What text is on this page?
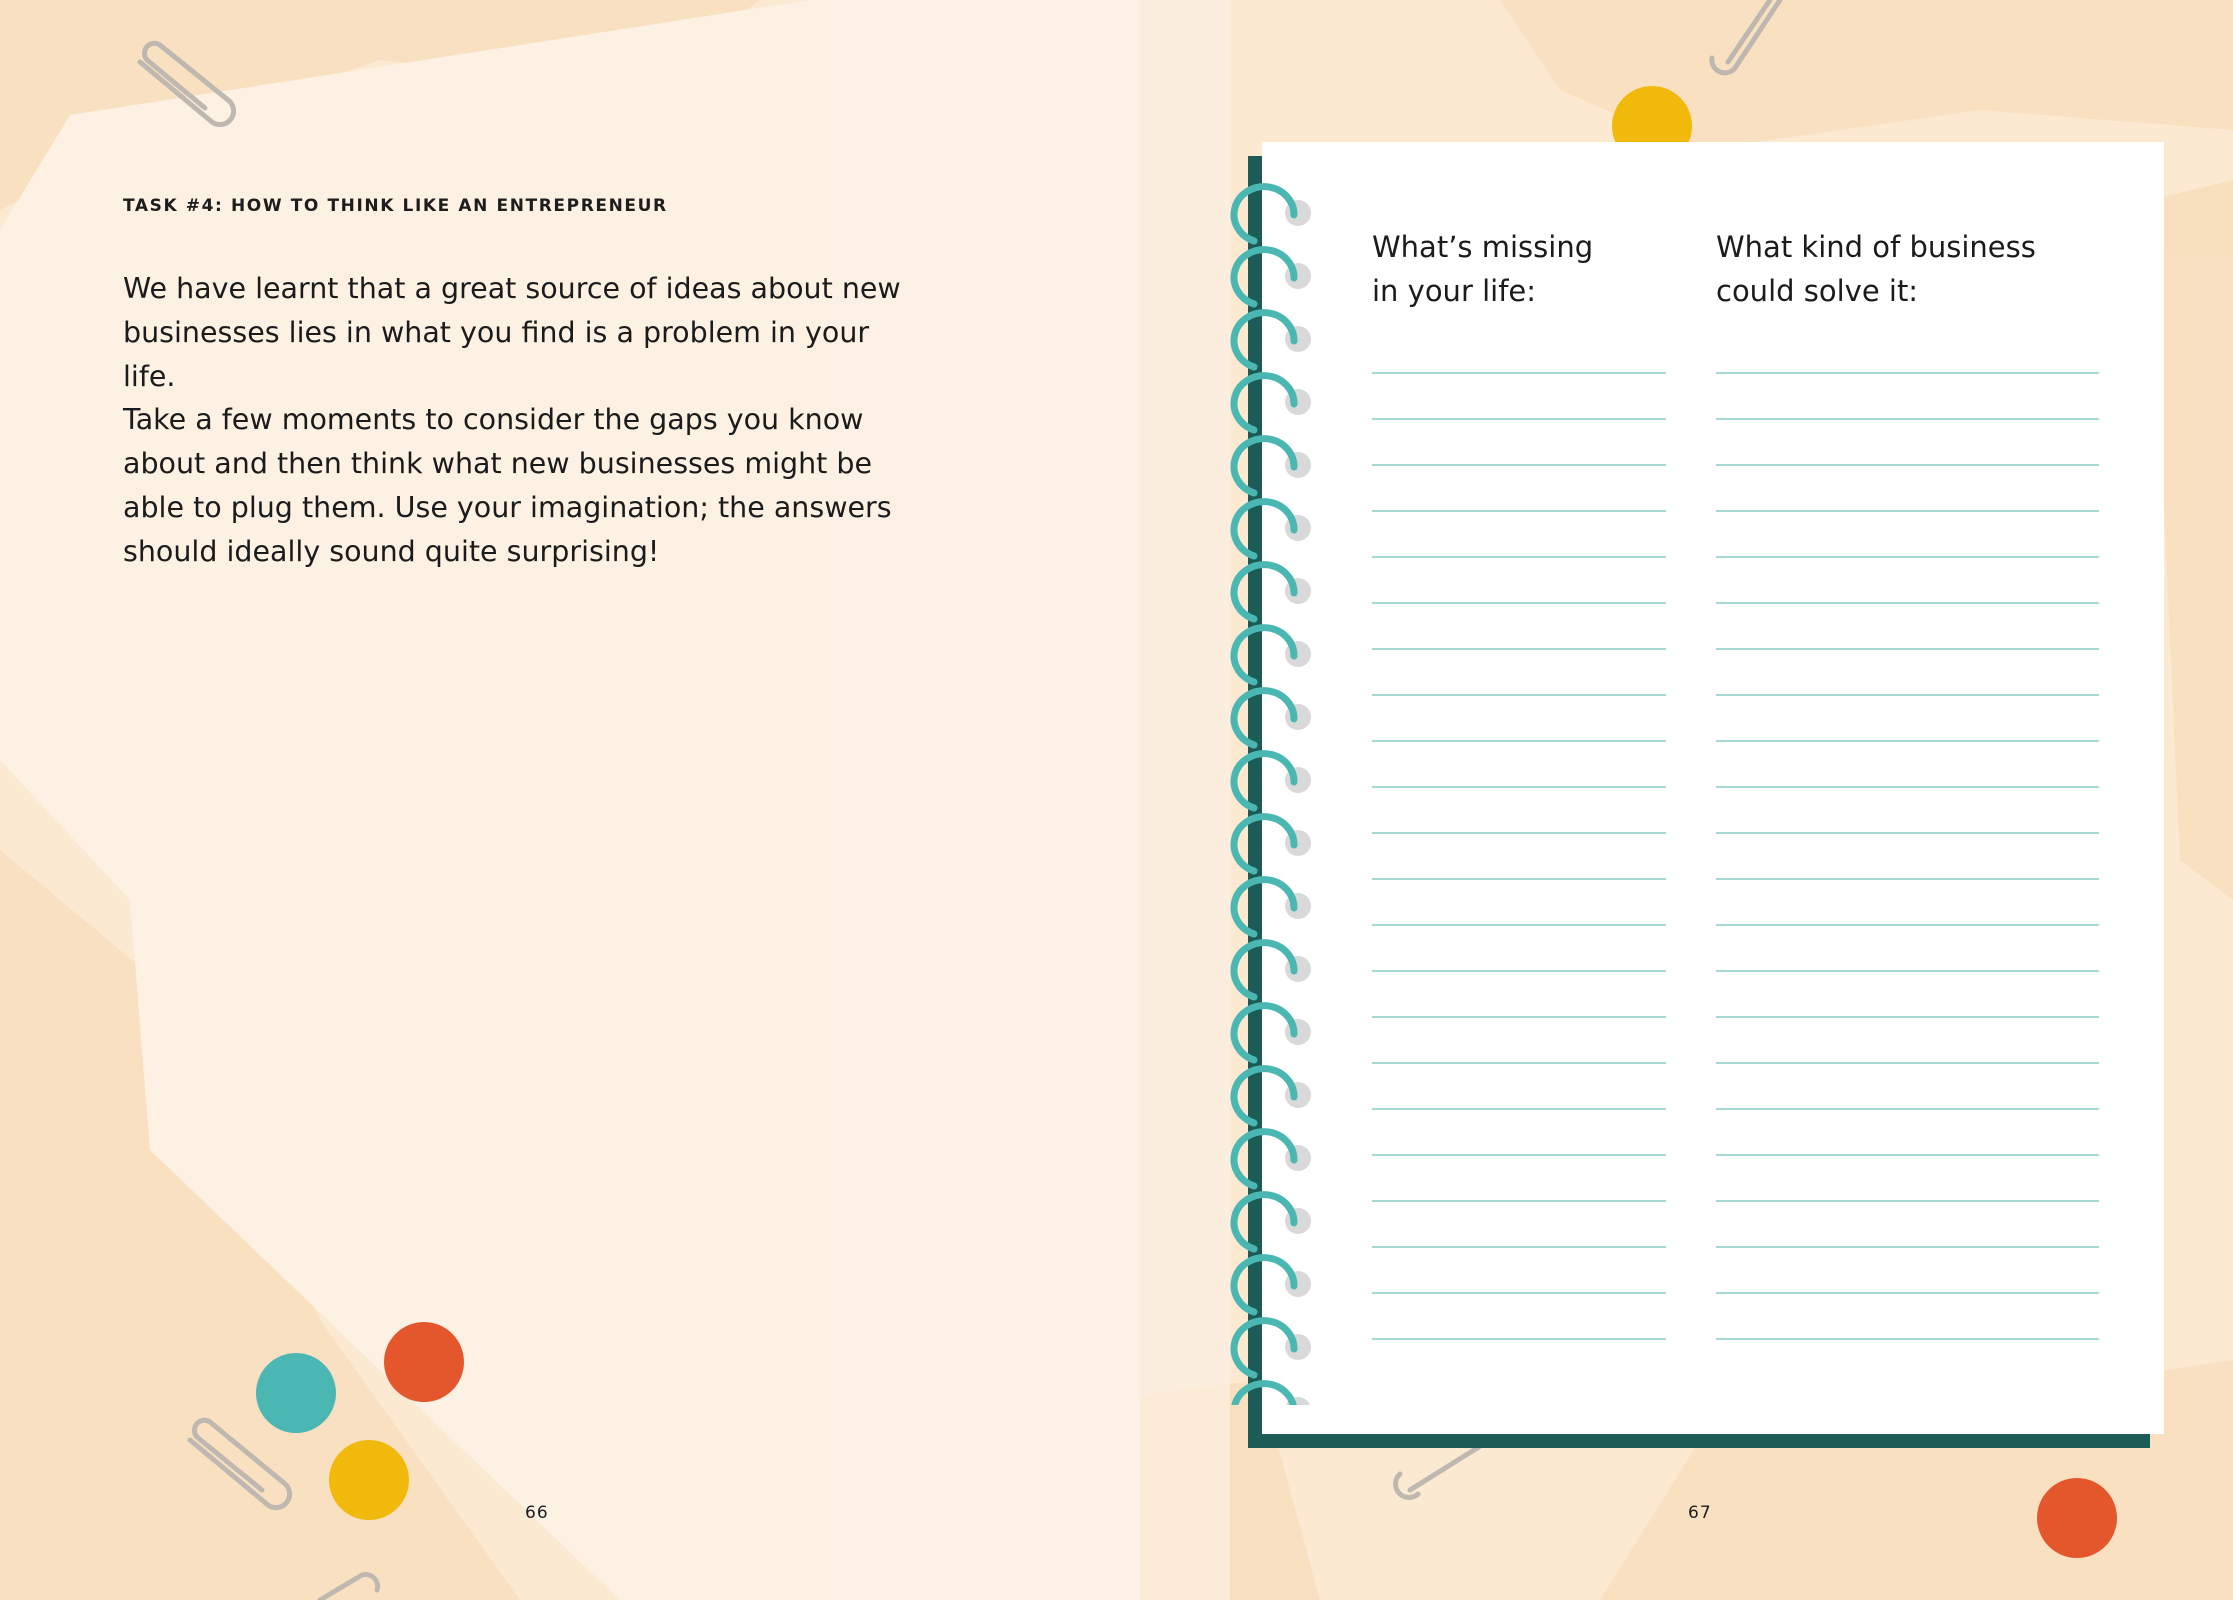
TASK #4: HOW TO THINK LIKE AN ENTREPRENEUR

We have learnt that a great source of ideas about new businesses lies in what you find is a problem in your life.

Take a few moments to consider the gaps you know about and then think what new businesses might be able to plug them. Use your imagination; the answers should ideally sound quite surprising!

66

What’s missing
in your life:

What kind of business
could solve it:

67
